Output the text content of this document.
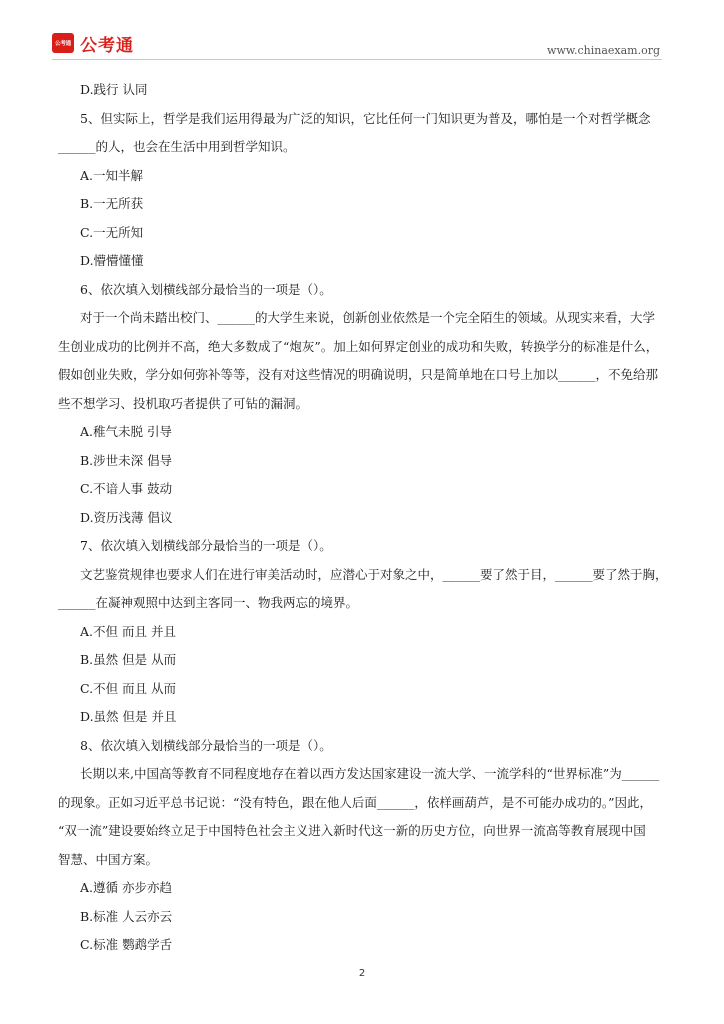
公考通 公考通	www.chinaexam.org
D.践行 认同
5、但实际上，哲学是我们运用得最为广泛的知识，它比任何一门知识更为普及，哪怕是一个对哲学概念
______的人，也会在生活中用到哲学知识。
A.一知半解
B.一无所获
C.一无所知
D.懵懵懂懂
6、依次填入划横线部分最恰当的一项是（）。
对于一个尚未踏出校门、______的大学生来说，创新创业依然是一个完全陌生的领域。从现实来看，大学
生创业成功的比例并不高，绝大多数成了“炮灰”。加上如何界定创业的成功和失败，转换学分的标准是什么，
假如创业失败，学分如何弥补等等，没有对这些情况的明确说明，只是简单地在口号上加以______，不免给那
些不想学习、投机取巧者提供了可钻的漏洞。
A.稚气未脱 引导
B.涉世未深 倡导
C.不谙人事 鼓动
D.资历浅薄 倡议
7、依次填入划横线部分最恰当的一项是（）。
文艺鉴赏规律也要求人们在进行审美活动时，应潜心于对象之中，______要了然于目，______要了然于胸，
______在凝神观照中达到主客同一、物我两忘的境界。
A.不但 而且 并且
B.虽然 但是 从而
C.不但 而且 从而
D.虽然 但是 并且
8、依次填入划横线部分最恰当的一项是（）。
长期以来,中国高等教育不同程度地存在着以西方发达国家建设一流大学、一流学科的“世界标准”为______
的现象。正如习近平总书记说：“没有特色，跟在他人后面______，依样画葫芦，是不可能办成功的。”因此，
“双一流”建设要始终立足于中国特色社会主义进入新时代这一新的历史方位，向世界一流高等教育展现中国
智慧、中国方案。
A.遵循 亦步亦趋
B.标准 人云亦云
C.标准 鹦鹉学舌
2
